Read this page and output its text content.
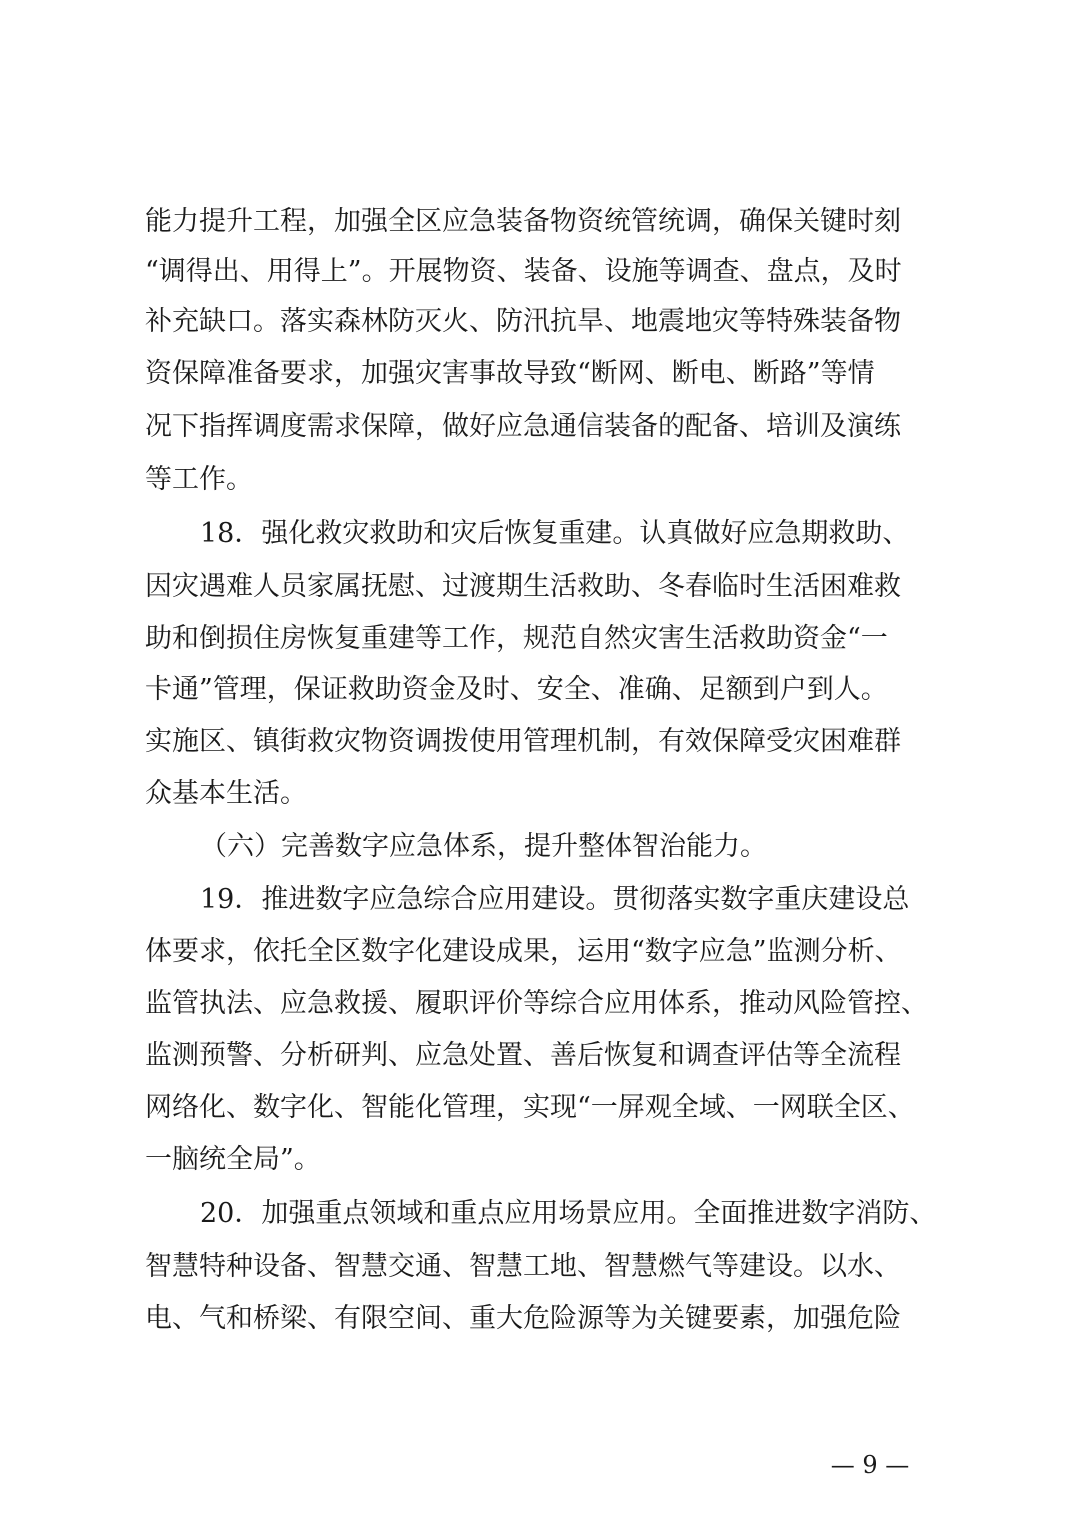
能力提升工程，加强全区应急装备物资统管统调，确保关键时刻
“调得出、用得上”。开展物资、装备、设施等调查、盘点，及时
补充缺口。落实森林防灭火、防汛抗旱、地震地灾等特殊装备物
资保障准备要求，加强灾害事故导致“断网、断电、断路”等情
况下指挥调度需求保障，做好应急通信装备的配备、培训及演练
等工作。
18．强化救灾救助和灾后恢复重建。认真做好应急期救助、
因灾遇难人员家属抚慰、过渡期生活救助、冬春临时生活困难救
助和倒损住房恢复重建等工作，规范自然灾害生活救助资金“一
卡通”管理，保证救助资金及时、安全、准确、足额到户到人。
实施区、镇街救灾物资调拨使用管理机制，有效保障受灾困难群
众基本生活。
（六）完善数字应急体系，提升整体智治能力。
19．推进数字应急综合应用建设。贯彻落实数字重庆建设总
体要求，依托全区数字化建设成果，运用“数字应急”监测分析、
监管执法、应急救援、履职评价等综合应用体系，推动风险管控、
监测预警、分析研判、应急处置、善后恢复和调查评估等全流程
网络化、数字化、智能化管理，实现“一屏观全域、一网联全区、
一脑统全局”。
20．加强重点领域和重点应用场景应用。全面推进数字消防、
智慧特种设备、智慧交通、智慧工地、智慧燃气等建设。以水、
电、气和桥梁、有限空间、重大危险源等为关键要素，加强危险
— 9 —
